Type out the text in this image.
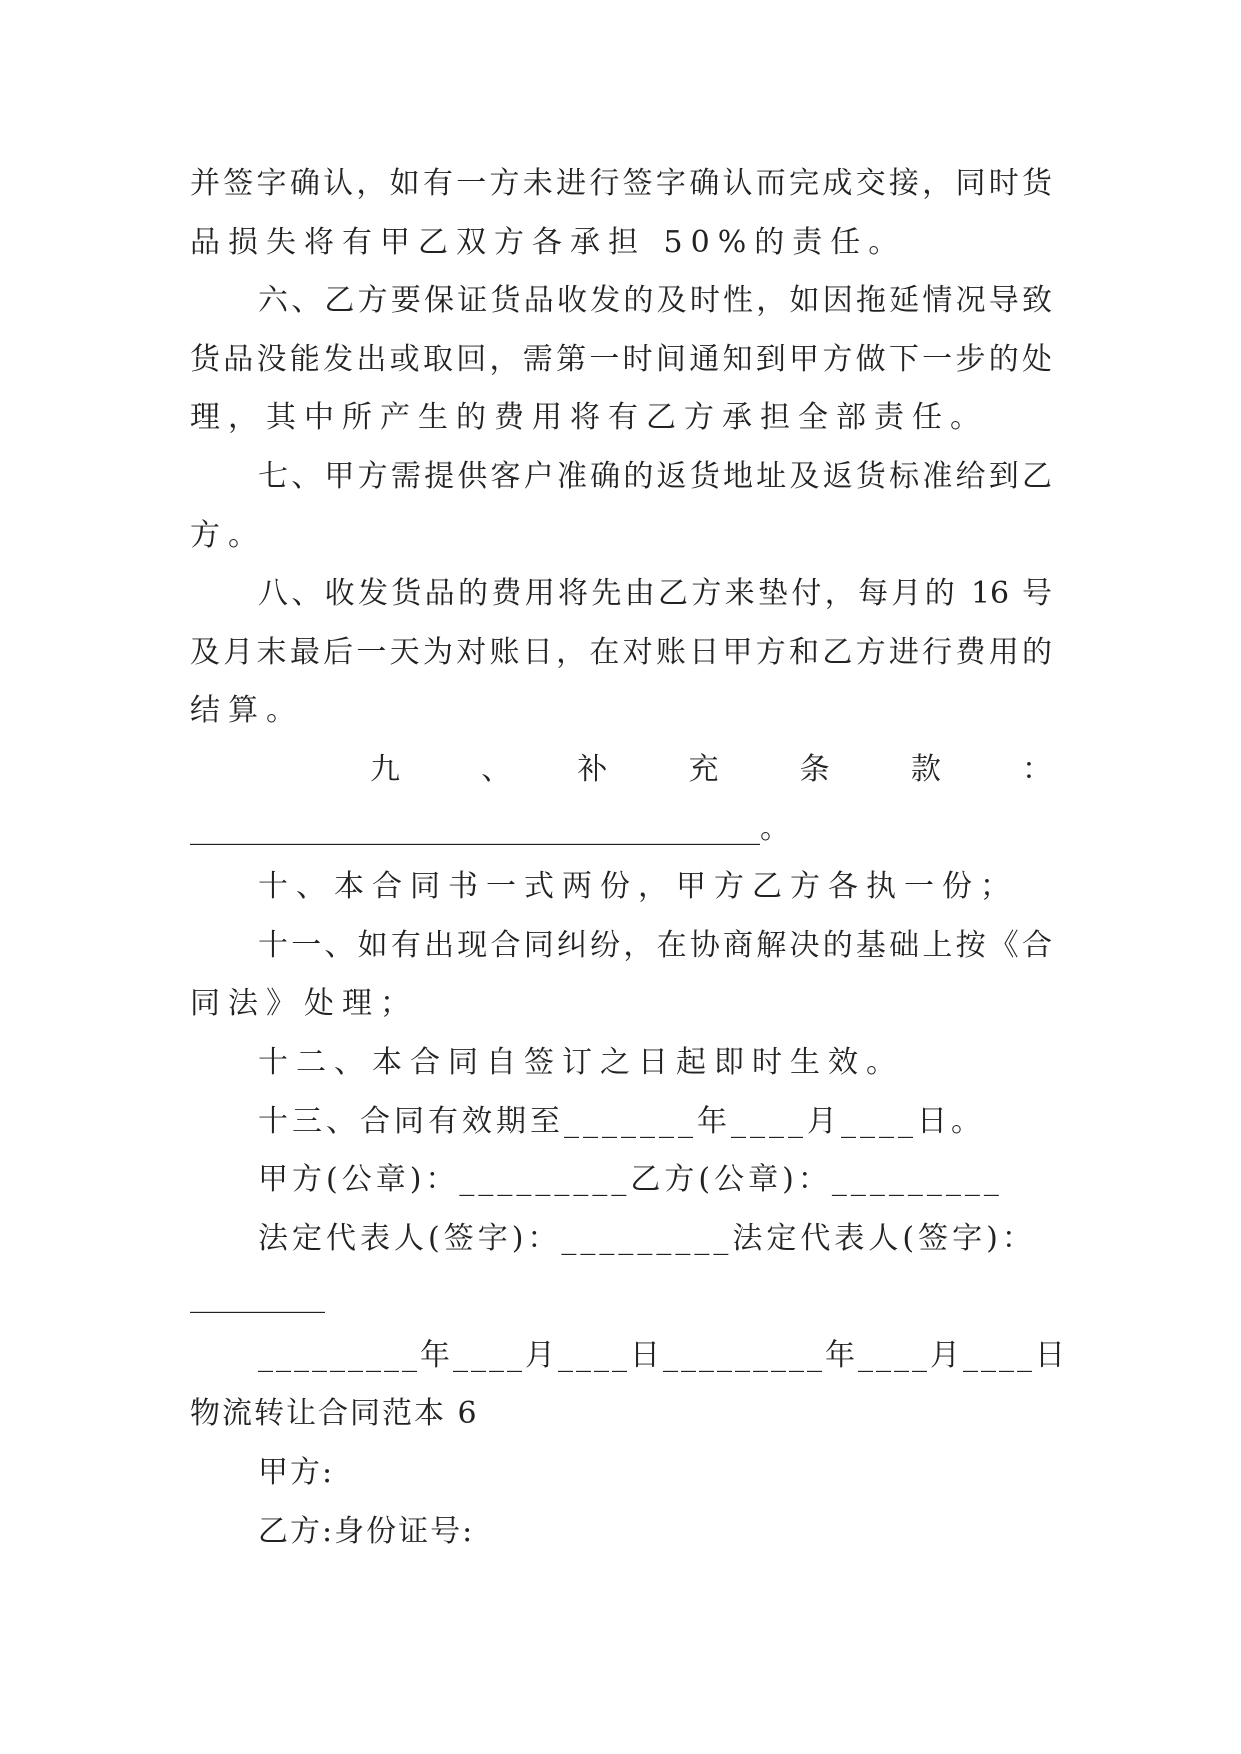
并签字确认，如有一方未进行签字确认而完成交接，同时货
品损失将有甲乙双方各承担 50%的责任。
六、乙方要保证货品收发的及时性，如因拖延情况导致
货品没能发出或取回，需第一时间通知到甲方做下一步的处
理，其中所产生的费用将有乙方承担全部责任。
七、甲方需提供客户准确的返货地址及返货标准给到乙
方。
八、收发货品的费用将先由乙方来垫付，每月的 16 号
及月末最后一天为对账日，在对账日甲方和乙方进行费用的
结算。
九　　、　　补　　充　　条　　款　　：
______________________________________。
十、本合同书一式两份，甲方乙方各执一份；
十一、如有出现合同纠纷，在协商解决的基础上按《合
同法》处理；
十二、本合同自签订之日起即时生效。
十三、合同有效期至_______年____月____日。
甲方(公章)：_________乙方(公章)：_________
法定代表人(签字)：_________法定代表人(签字)：
_________
_________年____月____日_________年____月____日
物流转让合同范本 6
甲方:
乙方:身份证号:
